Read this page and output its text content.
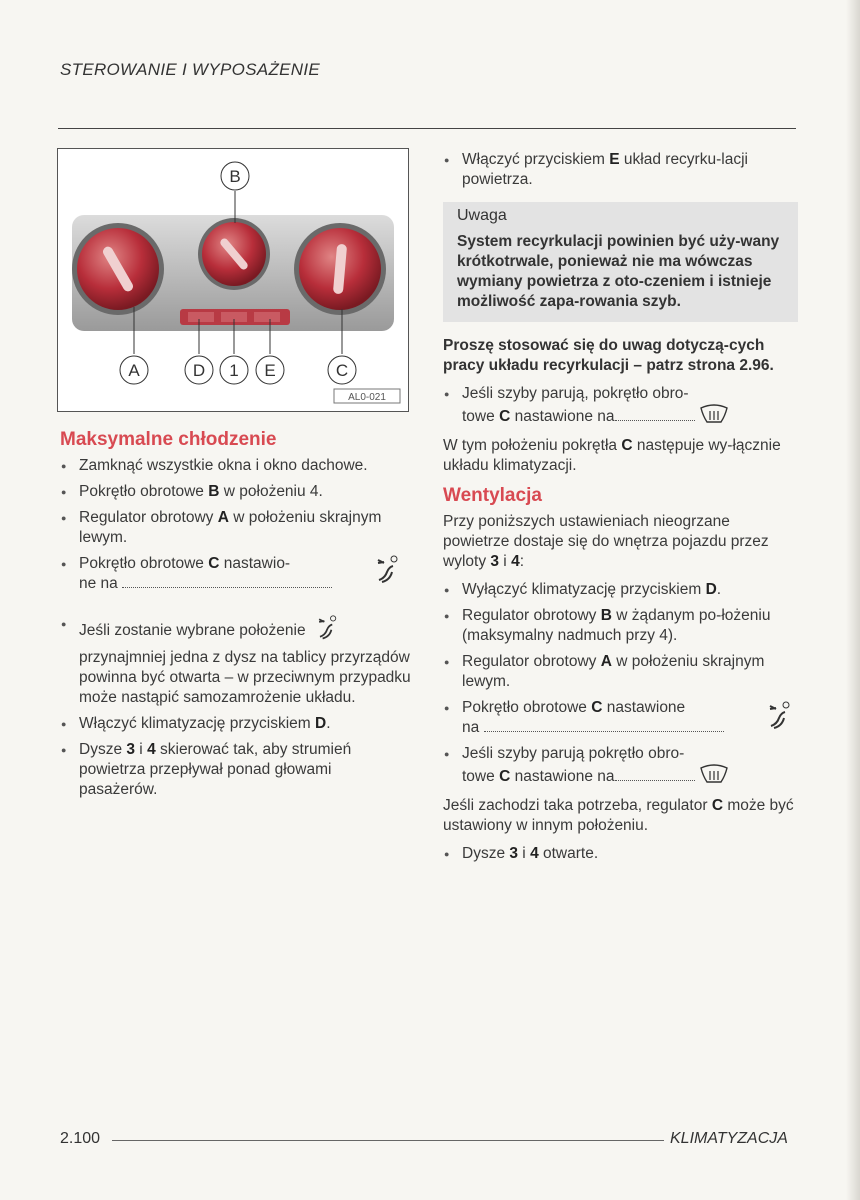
STEROWANIE I WYPOSAŻENIE
B
A	D 1 E	C
AL0-021
Maksymalne chłodzenie
● Zamknąć wszystkie okna i okno dachowe.
● Pokrętło obrotowe B w położeniu 4.
● Regulator obrotowy A w położeniu skrajnym lewym.
● Pokrętło obrotowe C nastawio-
ne na
● Jeśli zostanie wybrane położenie  przynajmniej jedna z dysz na tablicy przyrządów powinna być otwarta – w przeciwnym przypadku może nastąpić samozamrożenie układu.
● Włączyć klimatyzację przyciskiem D.
● Dysze 3 i 4 skierować tak, aby strumień powietrza przepływał ponad głowami pasażerów.
● Włączyć przyciskiem E układ recyrku-lacji powietrza.
Uwaga
System recyrkulacji powinien być uży-wany krótkotrwale, ponieważ nie ma wówczas wymiany powietrza z oto-czeniem i istnieje możliwość zapa-rowania szyb.
Proszę stosować się do uwag dotyczą-cych pracy układu recyrkulacji – patrz strona 2.96.
● Jeśli szyby parują, pokrętło obro-
towe C nastawione na
W tym położeniu pokrętła C następuje wy-łącznie układu klimatyzacji.
Wentylacja
Przy poniższych ustawieniach nieogrzane powietrze dostaje się do wnętrza pojazdu przez wyloty 3 i 4:
● Wyłączyć klimatyzację przyciskiem D.
● Regulator obrotowy B w żądanym po-łożeniu (maksymalny nadmuch przy 4).
● Regulator obrotowy A w położeniu skrajnym lewym.
● Pokrętło obrotowe C nastawione
na
● Jeśli szyby parują pokrętło obro-
towe C nastawione na
Jeśli zachodzi taka potrzeba, regulator C może być ustawiony w innym położeniu.
● Dysze 3 i 4 otwarte.
2.100	KLIMATYZACJA
